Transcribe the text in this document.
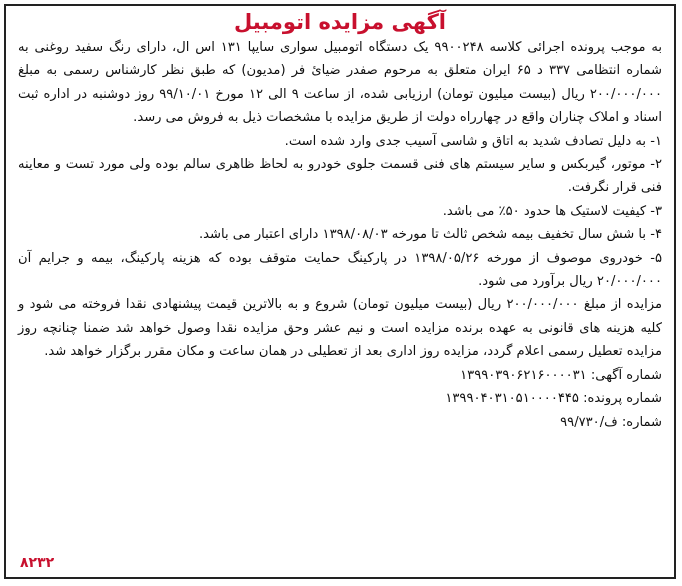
آگهی مزایده اتومبیل

به موجب پرونده اجرائی کلاسه ۹۹۰۰۲۴۸ یک دستگاه اتومبیل سواری سایپا ۱۳۱ اس ال، دارای رنگ سفید روغنی به شماره انتظامی ۳۳۷ د ۶۵ ایران متعلق به مرحوم صفدر ضیائ فر (مدیون) که طبق نظر کارشناس رسمی به مبلغ ۲۰۰/۰۰۰/۰۰۰ ریال (بیست میلیون تومان) ارزیابی شده، از ساعت ۹ الی ۱۲ مورخ ۹۹/۱۰/۰۱ روز دوشنبه در اداره ثبت اسناد و املاک چناران واقع در چهارراه دولت از طریق مزایده با مشخصات ذیل به فروش می رسد.

۱- به دلیل تصادف شدید به اتاق و شاسی آسیب جدی وارد شده است.

۲- موتور، گیربکس و سایر سیستم های فنی قسمت جلوی خودرو به لحاظ ظاهری سالم بوده ولی مورد تست و معاینه فنی قرار نگرفت.

۳- کیفیت لاستیک ها حدود ۵۰٪ می باشد.

۴- با شش سال تخفیف بیمه شخص ثالث تا مورخه ۱۳۹۸/۰۸/۰۳ دارای اعتبار می باشد.

۵- خودروی موصوف از مورخه ۱۳۹۸/۰۵/۲۶ در پارکینگ حمایت متوقف بوده که هزینه پارکینگ، بیمه و جرایم آن ۲۰/۰۰۰/۰۰۰ ریال برآورد می شود.

مزایده از مبلغ ۲۰۰/۰۰۰/۰۰۰ ریال (بیست میلیون تومان) شروع و به بالاترین قیمت پیشنهادی نقدا فروخته می شود و کلیه هزینه های قانونی به عهده برنده مزایده است و نیم عشر وحق مزایده نقدا وصول خواهد شد ضمنا چنانچه روز مزایده تعطیل رسمی اعلام گردد، مزایده روز اداری بعد از تعطیلی در همان ساعت و مکان مقرر برگزار خواهد شد.

شماره آگهی: ۱۳۹۹۰۳۹۰۶۲۱۶۰۰۰۰۳۱
شماره پرونده: ۱۳۹۹۰۴۰۳۱۰۵۱۰۰۰۰۴۴۵
شماره: ف/۹۹/۷۳۰
۸۲۳۲
